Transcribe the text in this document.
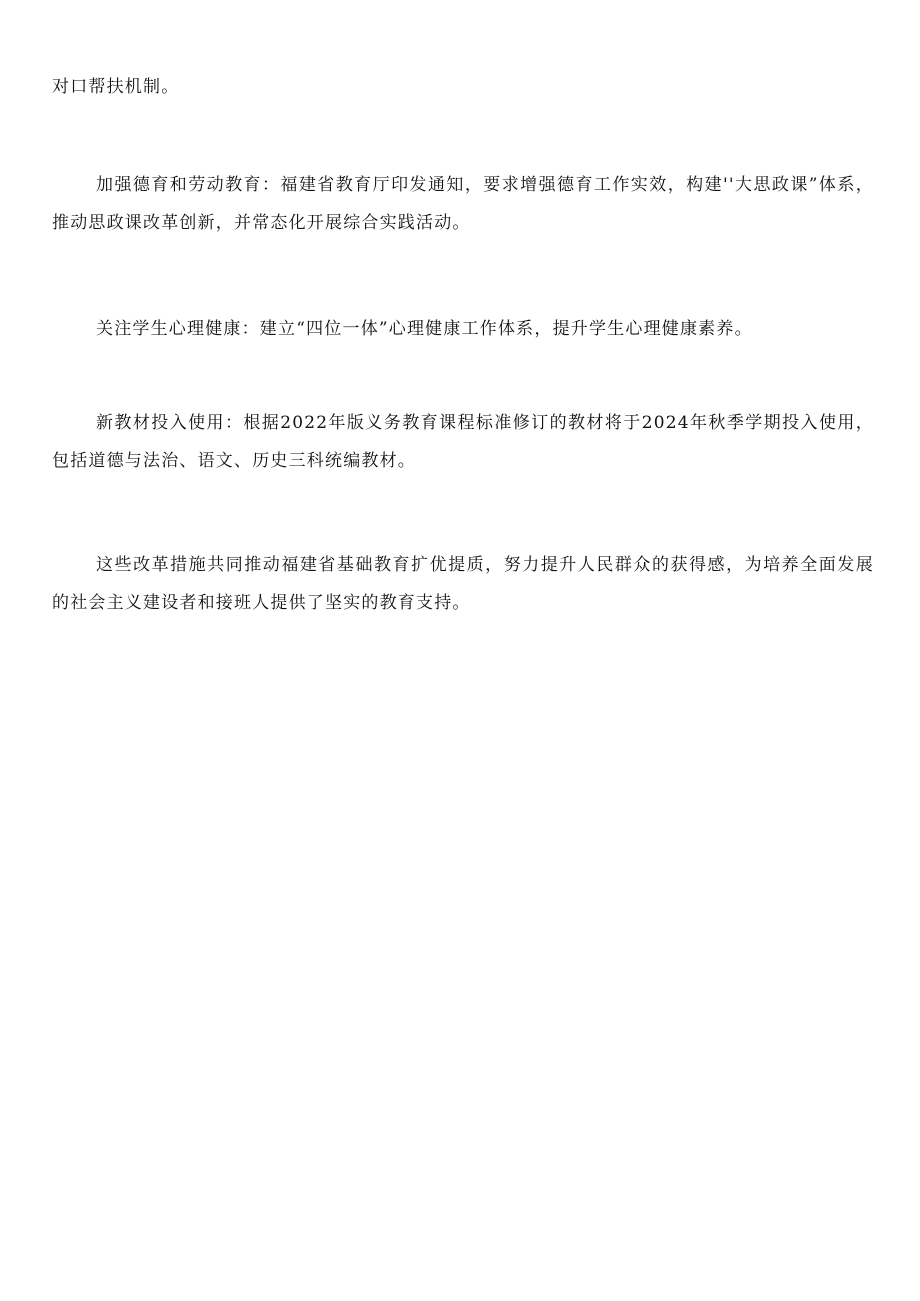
对口帮扶机制。

加强德育和劳动教育：福建省教育厅印发通知，要求增强德育工作实效，构建''大思政课”体系，推动思政课改革创新，并常态化开展综合实践活动。

关注学生心理健康：建立“四位一体”心理健康工作体系，提升学生心理健康素养。

新教材投入使用：根据2022年版义务教育课程标准修订的教材将于2024年秋季学期投入使用，包括道德与法治、语文、历史三科统编教材。

这些改革措施共同推动福建省基础教育扩优提质，努力提升人民群众的获得感，为培养全面发展的社会主义建设者和接班人提供了坚实的教育支持。
